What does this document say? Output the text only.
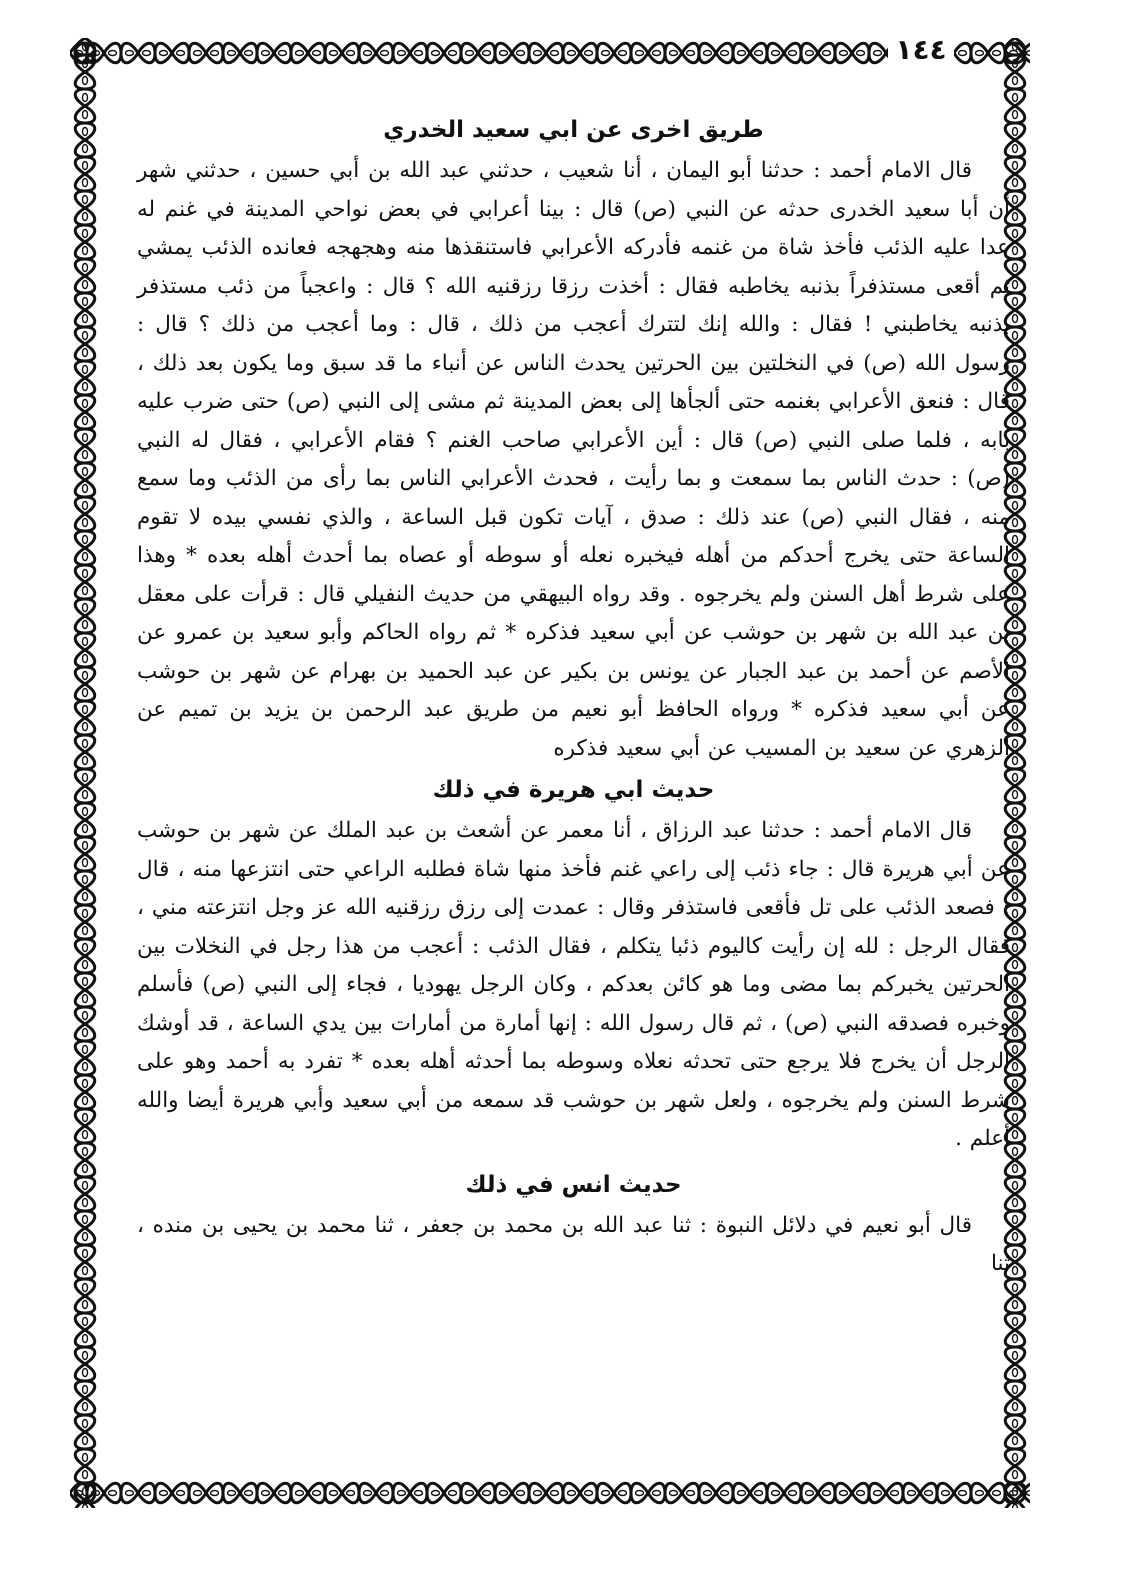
١٤٤
طريق اخرى عن ابي سعيد الخدري

قال الامام أحمد : حدثنا أبو اليمان ، أنا شعيب ، حدثني عبد الله بن أبي حسين ، حدثني شهر أن أبا سعيد الخدرى حدثه عن النبي (ص) قال : بينا أعرابي في بعض نواحي المدينة في غنم له عدا عليه الذئب فأخذ شاة من غنمه فأدركه الأعرابي فاستنقذها منه وهجهجه فعانده الذئب يمشي ثم أقعى مستذفراً بذنبه يخاطبه فقال : أخذت رزقا رزقنيه الله ؟ قال : واعجباً من ذئب مستذفر بذنبه يخاطبني ! فقال : والله إنك لتترك أعجب من ذلك ، قال : وما أعجب من ذلك ؟ قال : رسول الله (ص) في النخلتين بين الحرتين يحدث الناس عن أنباء ما قد سبق وما يكون بعد ذلك ، قال : فنعق الأعرابي بغنمه حتى ألجأها إلى بعض المدينة ثم مشى إلى النبي (ص) حتى ضرب عليه بابه ، فلما صلى النبي (ص) قال : أين الأعرابي صاحب الغنم ؟ فقام الأعرابي ، فقال له النبي (ص) : حدث الناس بما سمعت و بما رأيت ، فحدث الأعرابي الناس بما رأى من الذئب وما سمع منه ، فقال النبي (ص) عند ذلك : صدق ، آيات تكون قبل الساعة ، والذي نفسي بيده لا تقوم الساعة حتى يخرج أحدكم من أهله فيخبره نعله أو سوطه أو عصاه بما أحدث أهله بعده * وهذا على شرط أهل السنن ولم يخرجوه . وقد رواه البيهقي من حديث النفيلي قال : قرأت على معقل بن عبد الله بن شهر بن حوشب عن أبي سعيد فذكره * ثم رواه الحاكم وأبو سعيد بن عمرو عن الأصم عن أحمد بن عبد الجبار عن يونس بن بكير عن عبد الحميد بن بهرام عن شهر بن حوشب عن أبي سعيد فذكره * ورواه الحافظ أبو نعيم من طريق عبد الرحمن بن يزيد بن تميم عن الزهري عن سعيد بن المسيب عن أبي سعيد فذكره

حديث ابي هريرة في ذلك

قال الامام أحمد : حدثنا عبد الرزاق ، أنا معمر عن أشعث بن عبد الملك عن شهر بن حوشب عن أبي هريرة قال : جاء ذئب إلى راعي غنم فأخذ منها شاة فطلبه الراعي حتى انتزعها منه ، قال : فصعد الذئب على تل فأقعى فاستذفر وقال : عمدت إلى رزق رزقنيه الله عز وجل انتزعته مني ، فقال الرجل : لله إن رأيت كاليوم ذئبا يتكلم ، فقال الذئب : أعجب من هذا رجل في النخلات بين الحرتين يخبركم بما مضى وما هو كائن بعدكم ، وكان الرجل يهوديا ، فجاء إلى النبي (ص) فأسلم وخبره فصدقه النبي (ص) ، ثم قال رسول الله : إنها أمارة من أمارات بين يدي الساعة ، قد أوشك الرجل أن يخرج فلا يرجع حتى تحدثه نعلاه وسوطه بما أحدثه أهله بعده * تفرد به أحمد وهو على شرط السنن ولم يخرجوه ، ولعل شهر بن حوشب قد سمعه من أبي سعيد وأبي هريرة أيضا والله أعلم .

حديث انس في ذلك

قال أبو نعيم في دلائل النبوة : ثنا عبد الله بن محمد بن جعفر ، ثنا محمد بن يحيى بن منده ، ثنا
